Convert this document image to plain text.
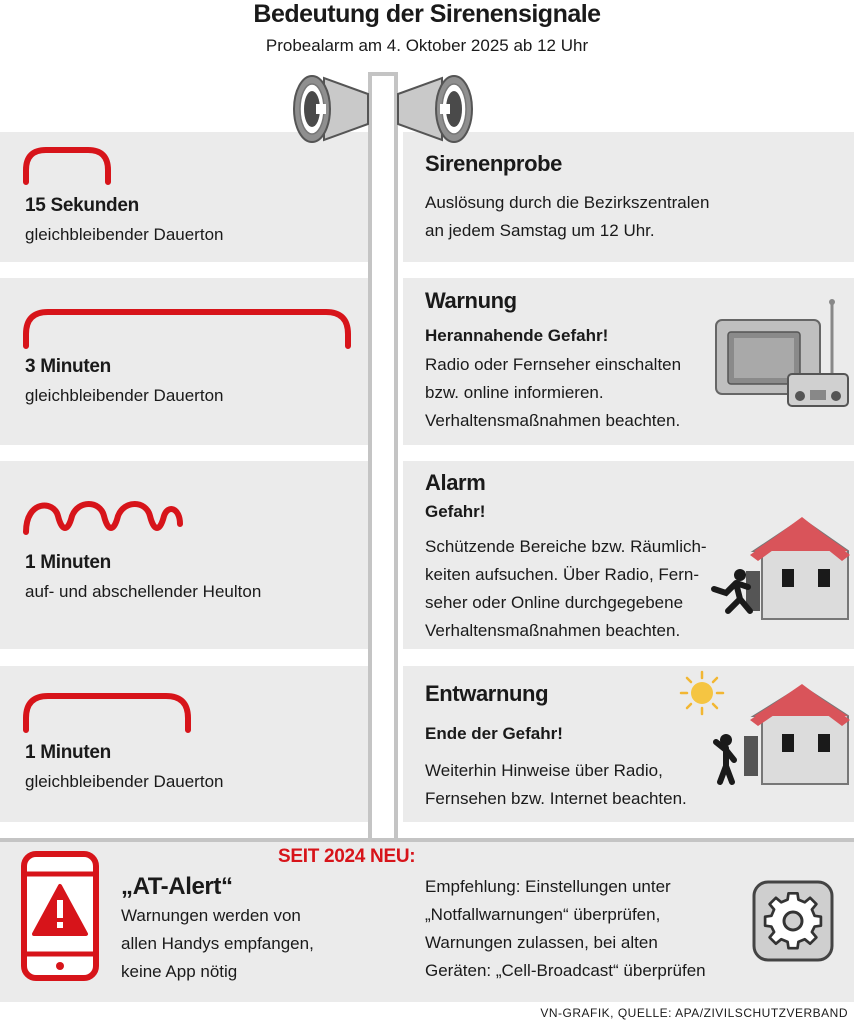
Bedeutung der Sirenensignale
Probealarm am 4. Oktober 2025 ab 12 Uhr
15 Sekunden
gleichbleibender Dauerton
Sirenenprobe
Auslösung durch die Bezirkszentralen
an jedem Samstag um 12 Uhr.
3 Minuten
gleichbleibender Dauerton
Warnung
Herannahende Gefahr!
Radio oder Fernseher einschalten
bzw. online informieren.
Verhaltensmaßnahmen beachten.
1 Minuten
auf- und abschellender Heulton
Alarm
Gefahr!
Schützende Bereiche bzw. Räumlich-
keiten aufsuchen. Über Radio, Fern-
seher oder Online durchgegebene
Verhaltensmaßnahmen beachten.
1 Minuten
gleichbleibender Dauerton
Entwarnung
Ende der Gefahr!
Weiterhin Hinweise über Radio,
Fernsehen bzw. Internet beachten.
SEIT 2024 NEU:
„AT-Alert“
Warnungen werden von
allen Handys empfangen,
keine App nötig
Empfehlung: Einstellungen unter
„Notfallwarnungen“ überprüfen,
Warnungen zulassen, bei alten
Geräten: „Cell-Broadcast“ überprüfen
VN-GRAFIK, QUELLE: APA/ZIVILSCHUTZVERBAND
